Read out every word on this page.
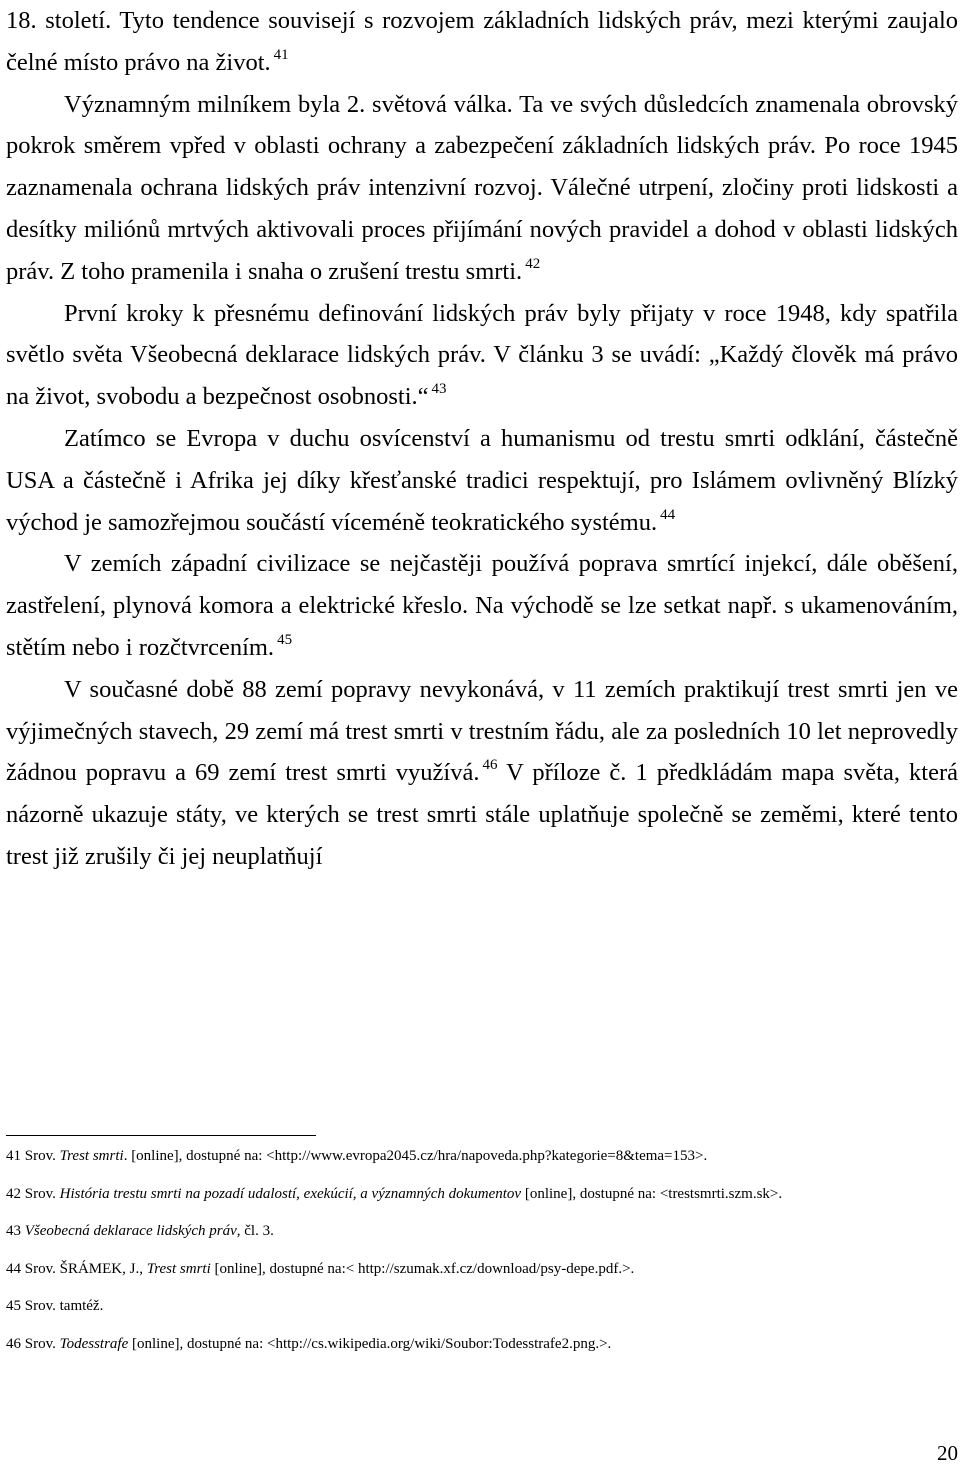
18. století. Tyto tendence souvisejí s rozvojem základních lidských práv, mezi kterými zaujalo čelné místo právo na život. $^{41}$

Významným milníkem byla 2. světová válka. Ta ve svých důsledcích znamenala obrovský pokrok směrem vpřed v oblasti ochrany a zabezpečení základních lidských práv. Po roce 1945 zaznamenala ochrana lidských práv intenzivní rozvoj. Válečné utrpení, zločiny proti lidskosti a desítky miliónů mrtvých aktivovali proces přijímání nových pravidel a dohod v oblasti lidských práv. Z toho pramenila i snaha o zrušení trestu smrti. $^{42}$

První kroky k přesnému definování lidských práv byly přijaty v roce 1948, kdy spatřila světlo světa Všeobecná deklarace lidských práv. V článku 3 se uvádí: „Každý člověk má právo na život, svobodu a bezpečnost osobnosti.“ $^{43}$

Zatímco se Evropa v duchu osvícenství a humanismu od trestu smrti odklání, částečně USA a částečně i Afrika jej díky křesťanské tradici respektují, pro Islámem ovlivněný Blízký východ je samozřejmou součástí víceméně teokratického systému. $^{44}$

V zemích západní civilizace se nejčastěji používá poprava smrtící injekcí, dále oběšení, zastřelení, plynová komora a elektrické křeslo. Na východě se lze setkat např. s ukamenováním, stětím nebo i rozčtvrcením. $^{45}$

V současné době 88 zemí popravy nevykonává, v 11 zemích praktikují trest smrti jen ve výjimečných stavech, 29 zemí má trest smrti v trestním řádu, ale za posledních 10 let neprovedly žádnou popravu a 69 zemí trest smrti využívá. $^{46}$ V příloze č. 1 předkládám mapa světa, která názorně ukazuje státy, ve kterých se trest smrti stále uplatňuje společně se zeměmi, které tento trest již zrušily či jej neuplatňují

41 Srov. Trest smrti. [online], dostupné na: <http://www.evropa2045.cz/hra/napoveda.php?kategorie=8&tema=153>.

42 Srov. História trestu smrti na pozadí udalostí, exekúcií, a významných dokumentov [online], dostupné na: <trestsmrti.szm.sk>.

43 Všeobecná deklarace lidských práv, čl. 3.

44 Srov. ŠRÁMEK, J., Trest smrti [online], dostupné na:< http://szumak.xf.cz/download/psy-depe.pdf.>.

45 Srov. tamtéž.

46 Srov. Todesstrafe [online], dostupné na: <http://cs.wikipedia.org/wiki/Soubor:Todesstrafe2.png.>.

20
